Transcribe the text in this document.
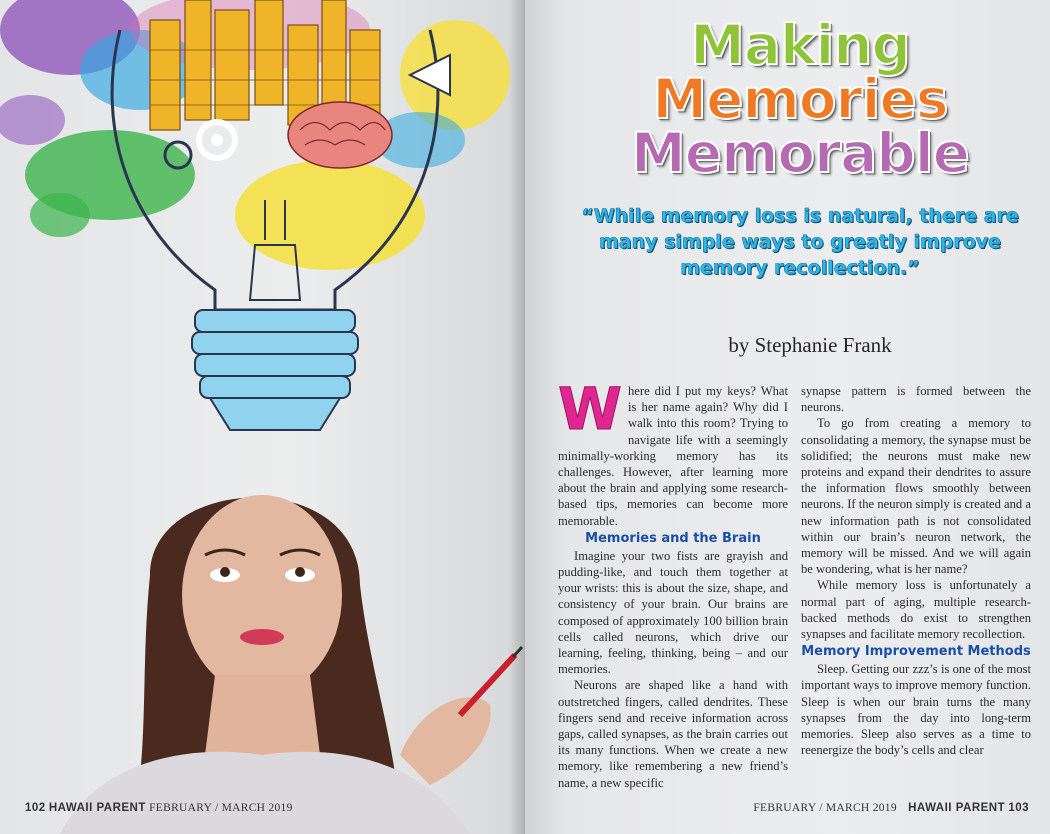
102 HAWAII PARENT FEBRUARY / MARCH 2019
Making
Memories
Memorable
“While memory loss is natural, there are many simple ways to greatly improve memory recollection.”
by Stephanie Frank

Where did I put my keys? What is her name again? Why did I walk into this room? Trying to navigate life with a seemingly minimally-working memory has its challenges. However, after learning more about the brain and applying some research-based tips, memories can become more memorable.

Memories and the Brain

Imagine your two fists are grayish and pudding-like, and touch them together at your wrists: this is about the size, shape, and consistency of your brain. Our brains are composed of approximately 100 billion brain cells called neurons, which drive our learning, feeling, thinking, being – and our memories.

Neurons are shaped like a hand with outstretched fingers, called dendrites. These fingers send and receive information across gaps, called synapses, as the brain carries out its many functions. When we create a new memory, like remembering a new friend’s name, a new specific

synapse pattern is formed between the neurons.

To go from creating a memory to consolidating a memory, the synapse must be solidified; the neurons must make new proteins and expand their dendrites to assure the information flows smoothly between neurons. If the neuron simply is created and a new information path is not consolidated within our brain’s neuron network, the memory will be missed. And we will again be wondering, what is her name?

While memory loss is unfortunately a normal part of aging, multiple research-backed methods do exist to strengthen synapses and facilitate memory recollection.

Memory Improvement Methods

Sleep. Getting our zzz’s is one of the most important ways to improve memory function. Sleep is when our brain turns the many synapses from the day into long-term memories. Sleep also serves as a time to reenergize the body’s cells and clear

FEBRUARY / MARCH 2019 HAWAII PARENT 103
